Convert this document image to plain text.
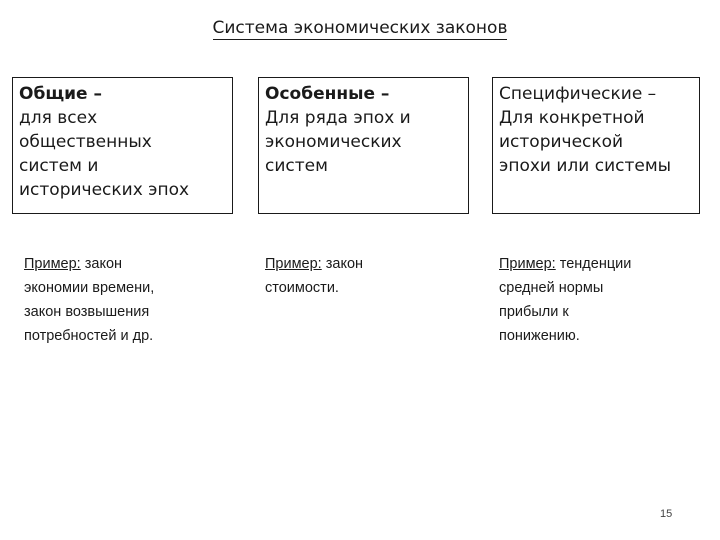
Система экономических законов
Общие –
для всех
общественных
систем и
исторических эпох
Особенные –
Для ряда эпох и
экономических
систем
Специфические –
Для конкретной
исторической
эпохи или системы
Пример: закон
экономии времени,
закон возвышения
потребностей и др.
Пример: закон
стоимости.
Пример: тенденции
средней нормы
прибыли к
понижению.
15
